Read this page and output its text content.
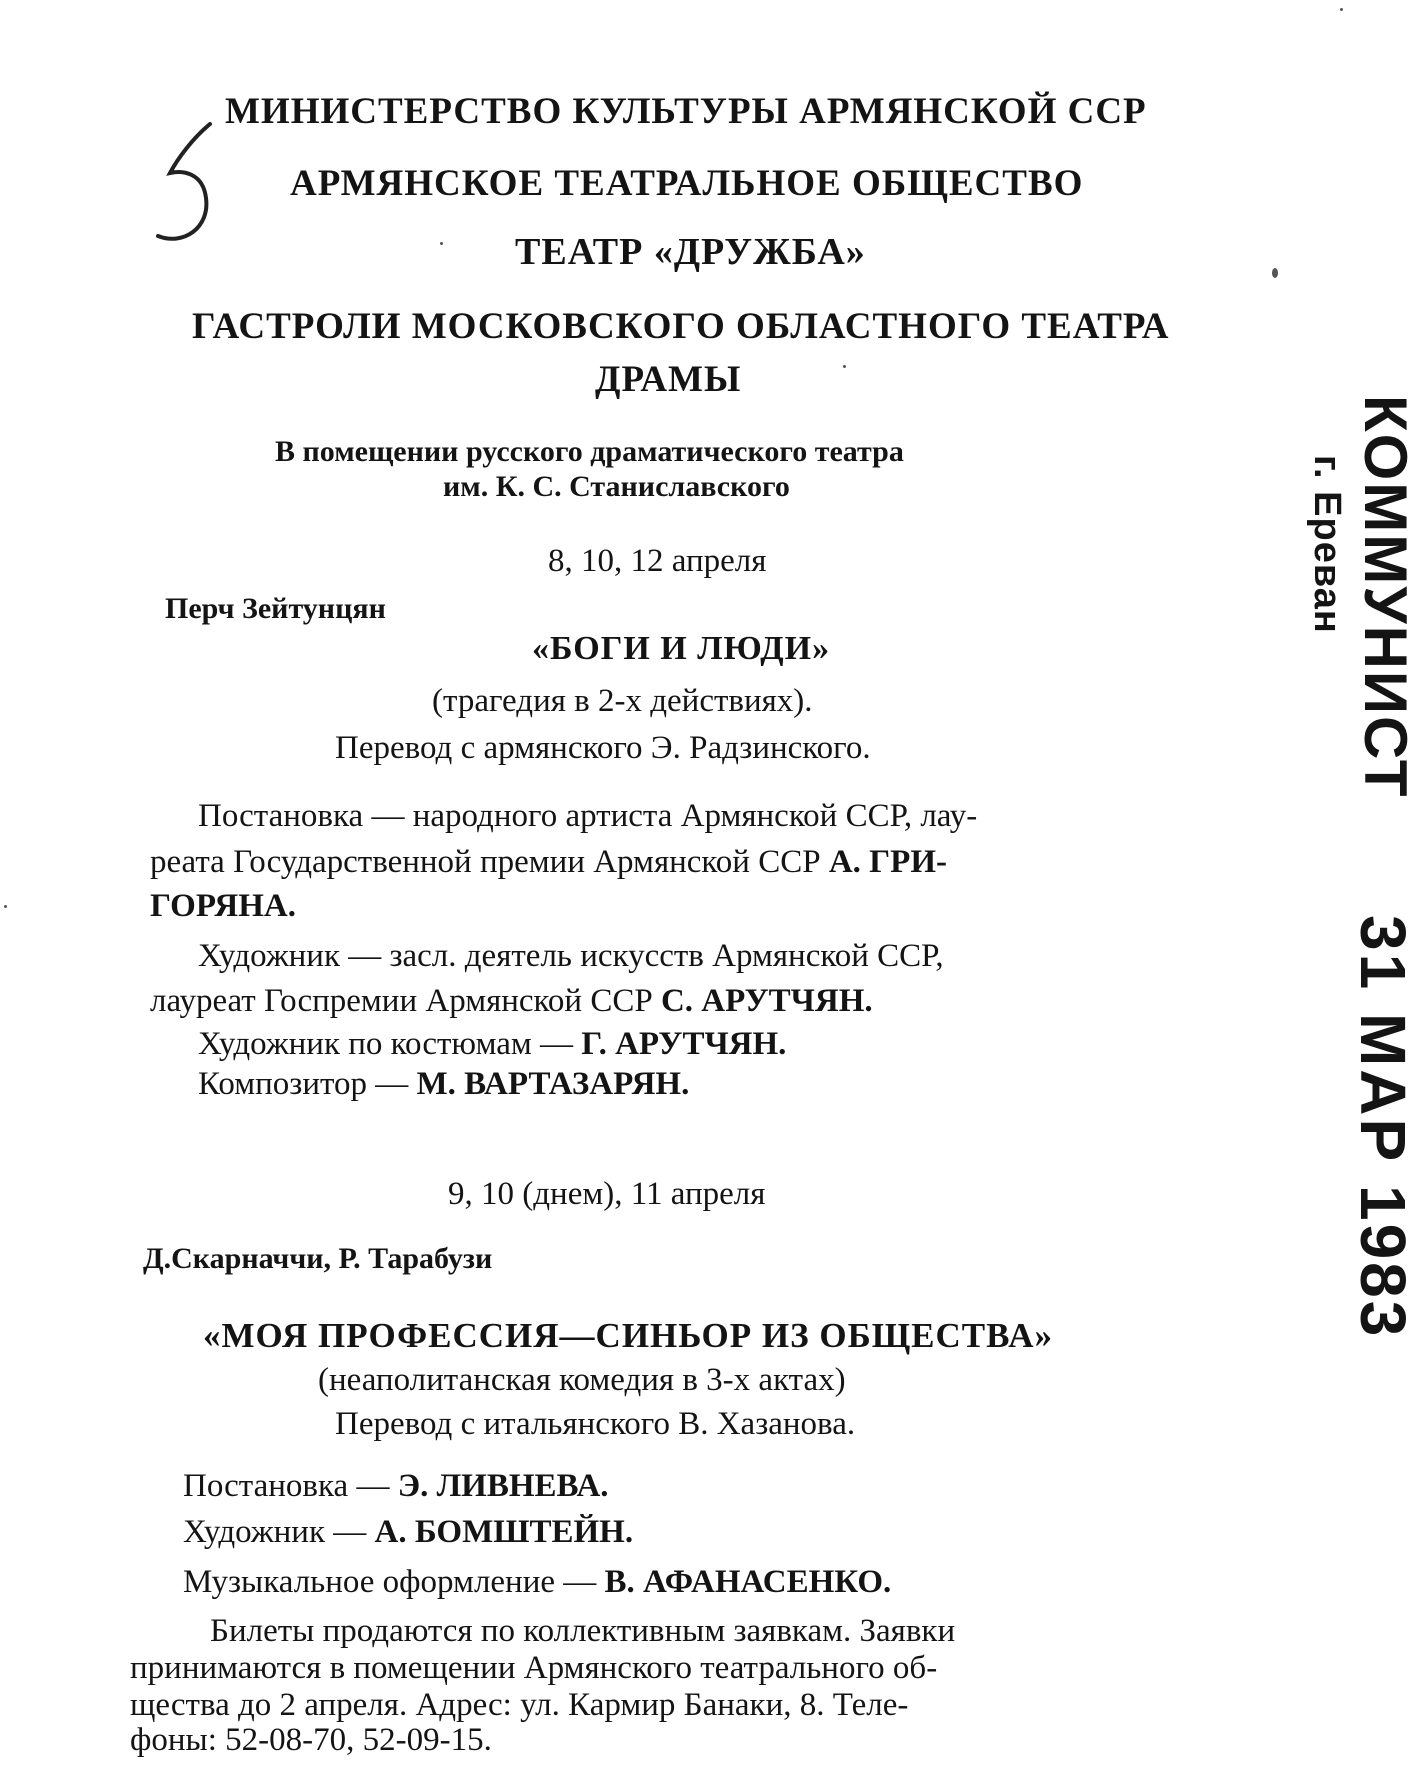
МИНИСТЕРСТВО КУЛЬТУРЫ АРМЯНСКОЙ ССР
АРМЯНСКОЕ ТЕАТРАЛЬНОЕ ОБЩЕСТВО
ТЕАТР «ДРУЖБА»
ГАСТРОЛИ МОСКОВСКОГО ОБЛАСТНОГО ТЕАТРА
ДРАМЫ
В помещении русского драматического театра
им. К. С. Станиславского
8, 10, 12 апреля
Перч Зейтунцян
«БОГИ И ЛЮДИ»
(трагедия в 2-х действиях).
Перевод с армянского Э. Радзинского.
Постановка — народного артиста Армянской ССР, лау-
реата Государственной премии Армянской ССР А. ГРИ-
ГОРЯНА.
Художник — засл. деятель искусств Армянской ССР,
лауреат Госпремии Армянской ССР С. АРУТЧЯН.
Художник по костюмам — Г. АРУТЧЯН.
Композитор — М. ВАРТАЗАРЯН.
9, 10 (днем), 11 апреля
Д.Скарначчи, Р. Тарабузи
«МОЯ ПРОФЕССИЯ—СИНЬОР ИЗ ОБЩЕСТВА»
(неаполитанская комедия в 3-х актах)
Перевод с итальянского В. Хазанова.
Постановка — Э. ЛИВНЕВА.
Художник — А. БОМШТЕЙН.
Музыкальное оформление — В. АФАНАСЕНКО.
Билеты продаются по коллективным заявкам. Заявки
принимаются в помещении Армянского театрального об-
щества до 2 апреля. Адрес: ул. Кармир Банаки, 8. Теле-
фоны: 52-08-70, 52-09-15.
КОММУНИСТ
г. Ереван
31 МАР 1983
